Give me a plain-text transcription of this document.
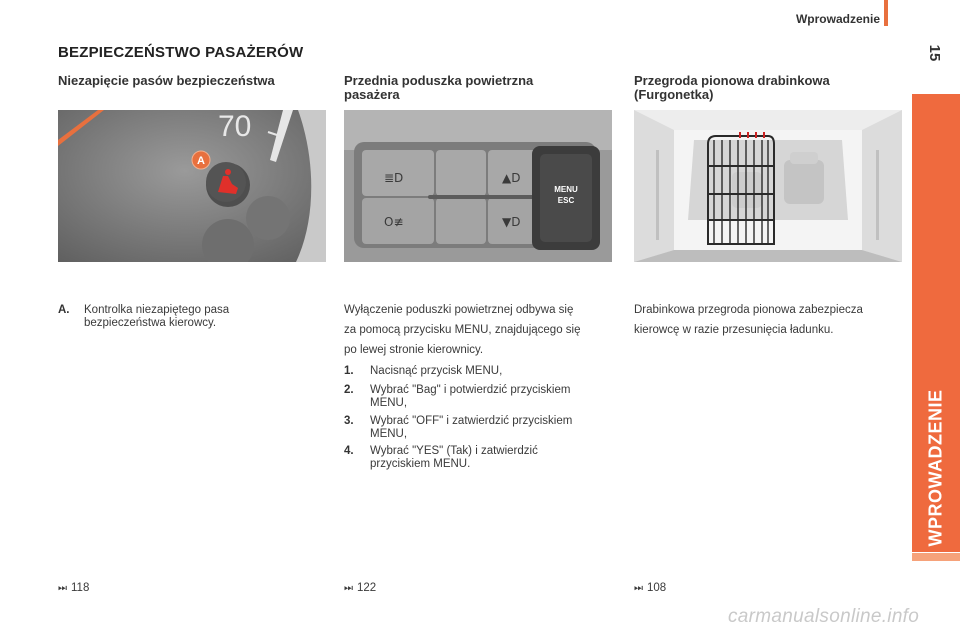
Wprowadzenie
15
WPROWADZENIE
BEZPIECZEŃSTWO PASAŻERÓW
Niezapięcie pasów bezpieczeństwa
A
70
A. Kontrolka niezapiętego pasa
bezpieczeństwa kierowcy.
⏭ 118
Przednia poduszka powietrzna
pasażera
≣D
O≢
▲D
▼D
MENU
ESC
Wyłączenie poduszki powietrznej odbywa się
za pomocą przycisku MENU, znajdującego się
po lewej stronie kierownicy.
1. Nacisnąć przycisk MENU,
2. Wybrać "Bag" i potwierdzić przyciskiem
MENU,
3. Wybrać "OFF" i zatwierdzić przyciskiem
MENU,
4. Wybrać "YES" (Tak) i zatwierdzić
przyciskiem MENU.
⏭ 122
Przegroda pionowa drabinkowa
(Furgonetka)
Drabinkowa przegroda pionowa zabezpiecza
kierowcę w razie przesunięcia ładunku.
⏭ 108
carmanualsonline.info
